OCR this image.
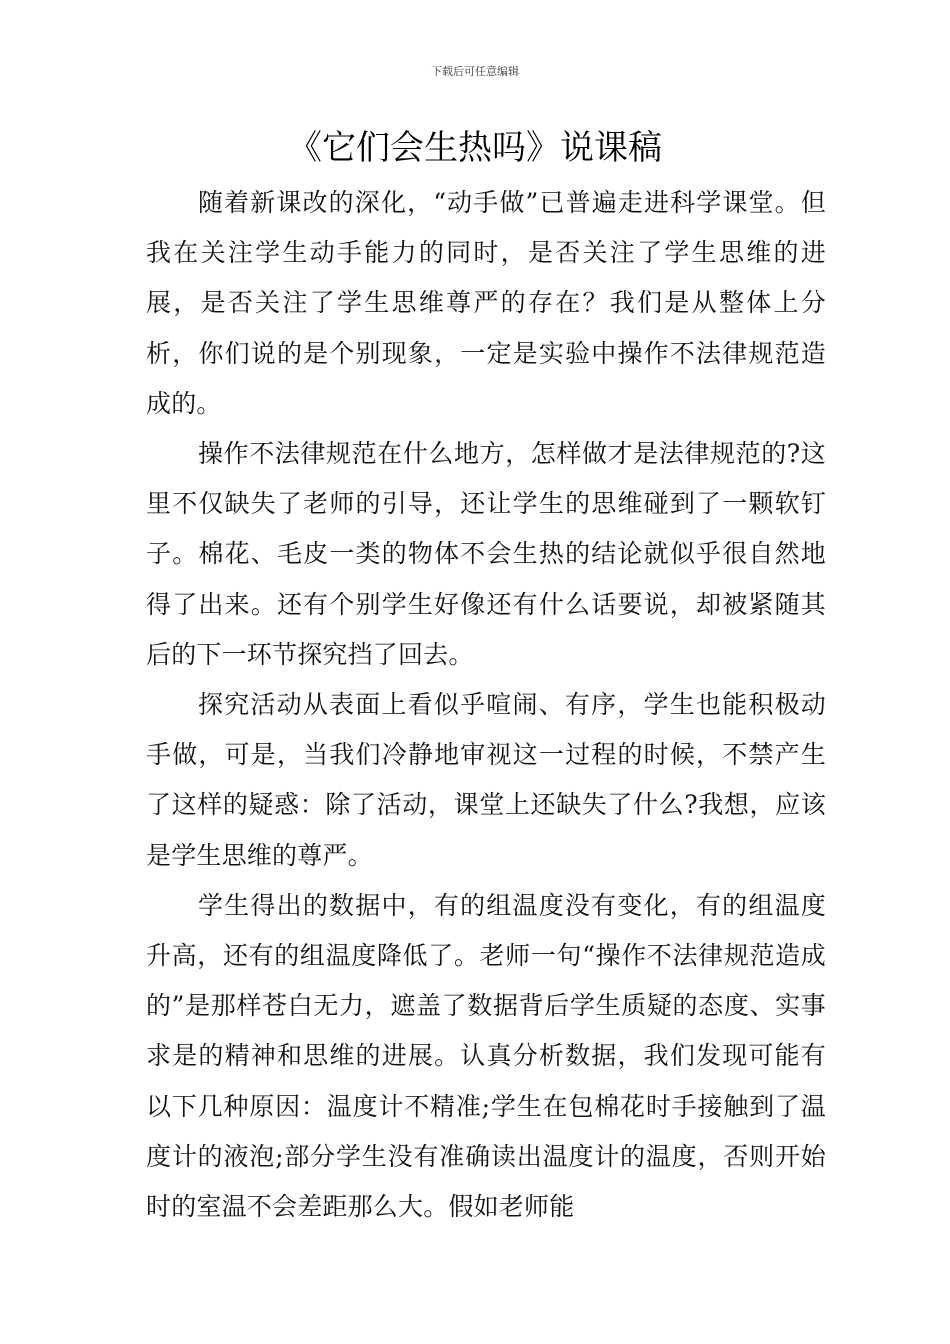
下载后可任意编辑
《它们会生热吗》说课稿

随着新课改的深化，“动手做”已普遍走进科学课堂。但我在关注学生动手能力的同时，是否关注了学生思维的进展，是否关注了学生思维尊严的存在？我们是从整体上分析，你们说的是个别现象，一定是实验中操作不法律规范造成的。

操作不法律规范在什么地方，怎样做才是法律规范的?这里不仅缺失了老师的引导，还让学生的思维碰到了一颗软钉子。棉花、毛皮一类的物体不会生热的结论就似乎很自然地得了出来。还有个别学生好像还有什么话要说，却被紧随其后的下一环节探究挡了回去。

探究活动从表面上看似乎喧闹、有序，学生也能积极动手做，可是，当我们冷静地审视这一过程的时候，不禁产生了这样的疑惑：除了活动，课堂上还缺失了什么?我想，应该是学生思维的尊严。

学生得出的数据中，有的组温度没有变化，有的组温度升高，还有的组温度降低了。老师一句“操作不法律规范造成的”是那样苍白无力，遮盖了数据背后学生质疑的态度、实事求是的精神和思维的进展。认真分析数据，我们发现可能有以下几种原因：温度计不精准;学生在包棉花时手接触到了温度计的液泡;部分学生没有准确读出温度计的温度，否则开始时的室温不会差距那么大。假如老师能
